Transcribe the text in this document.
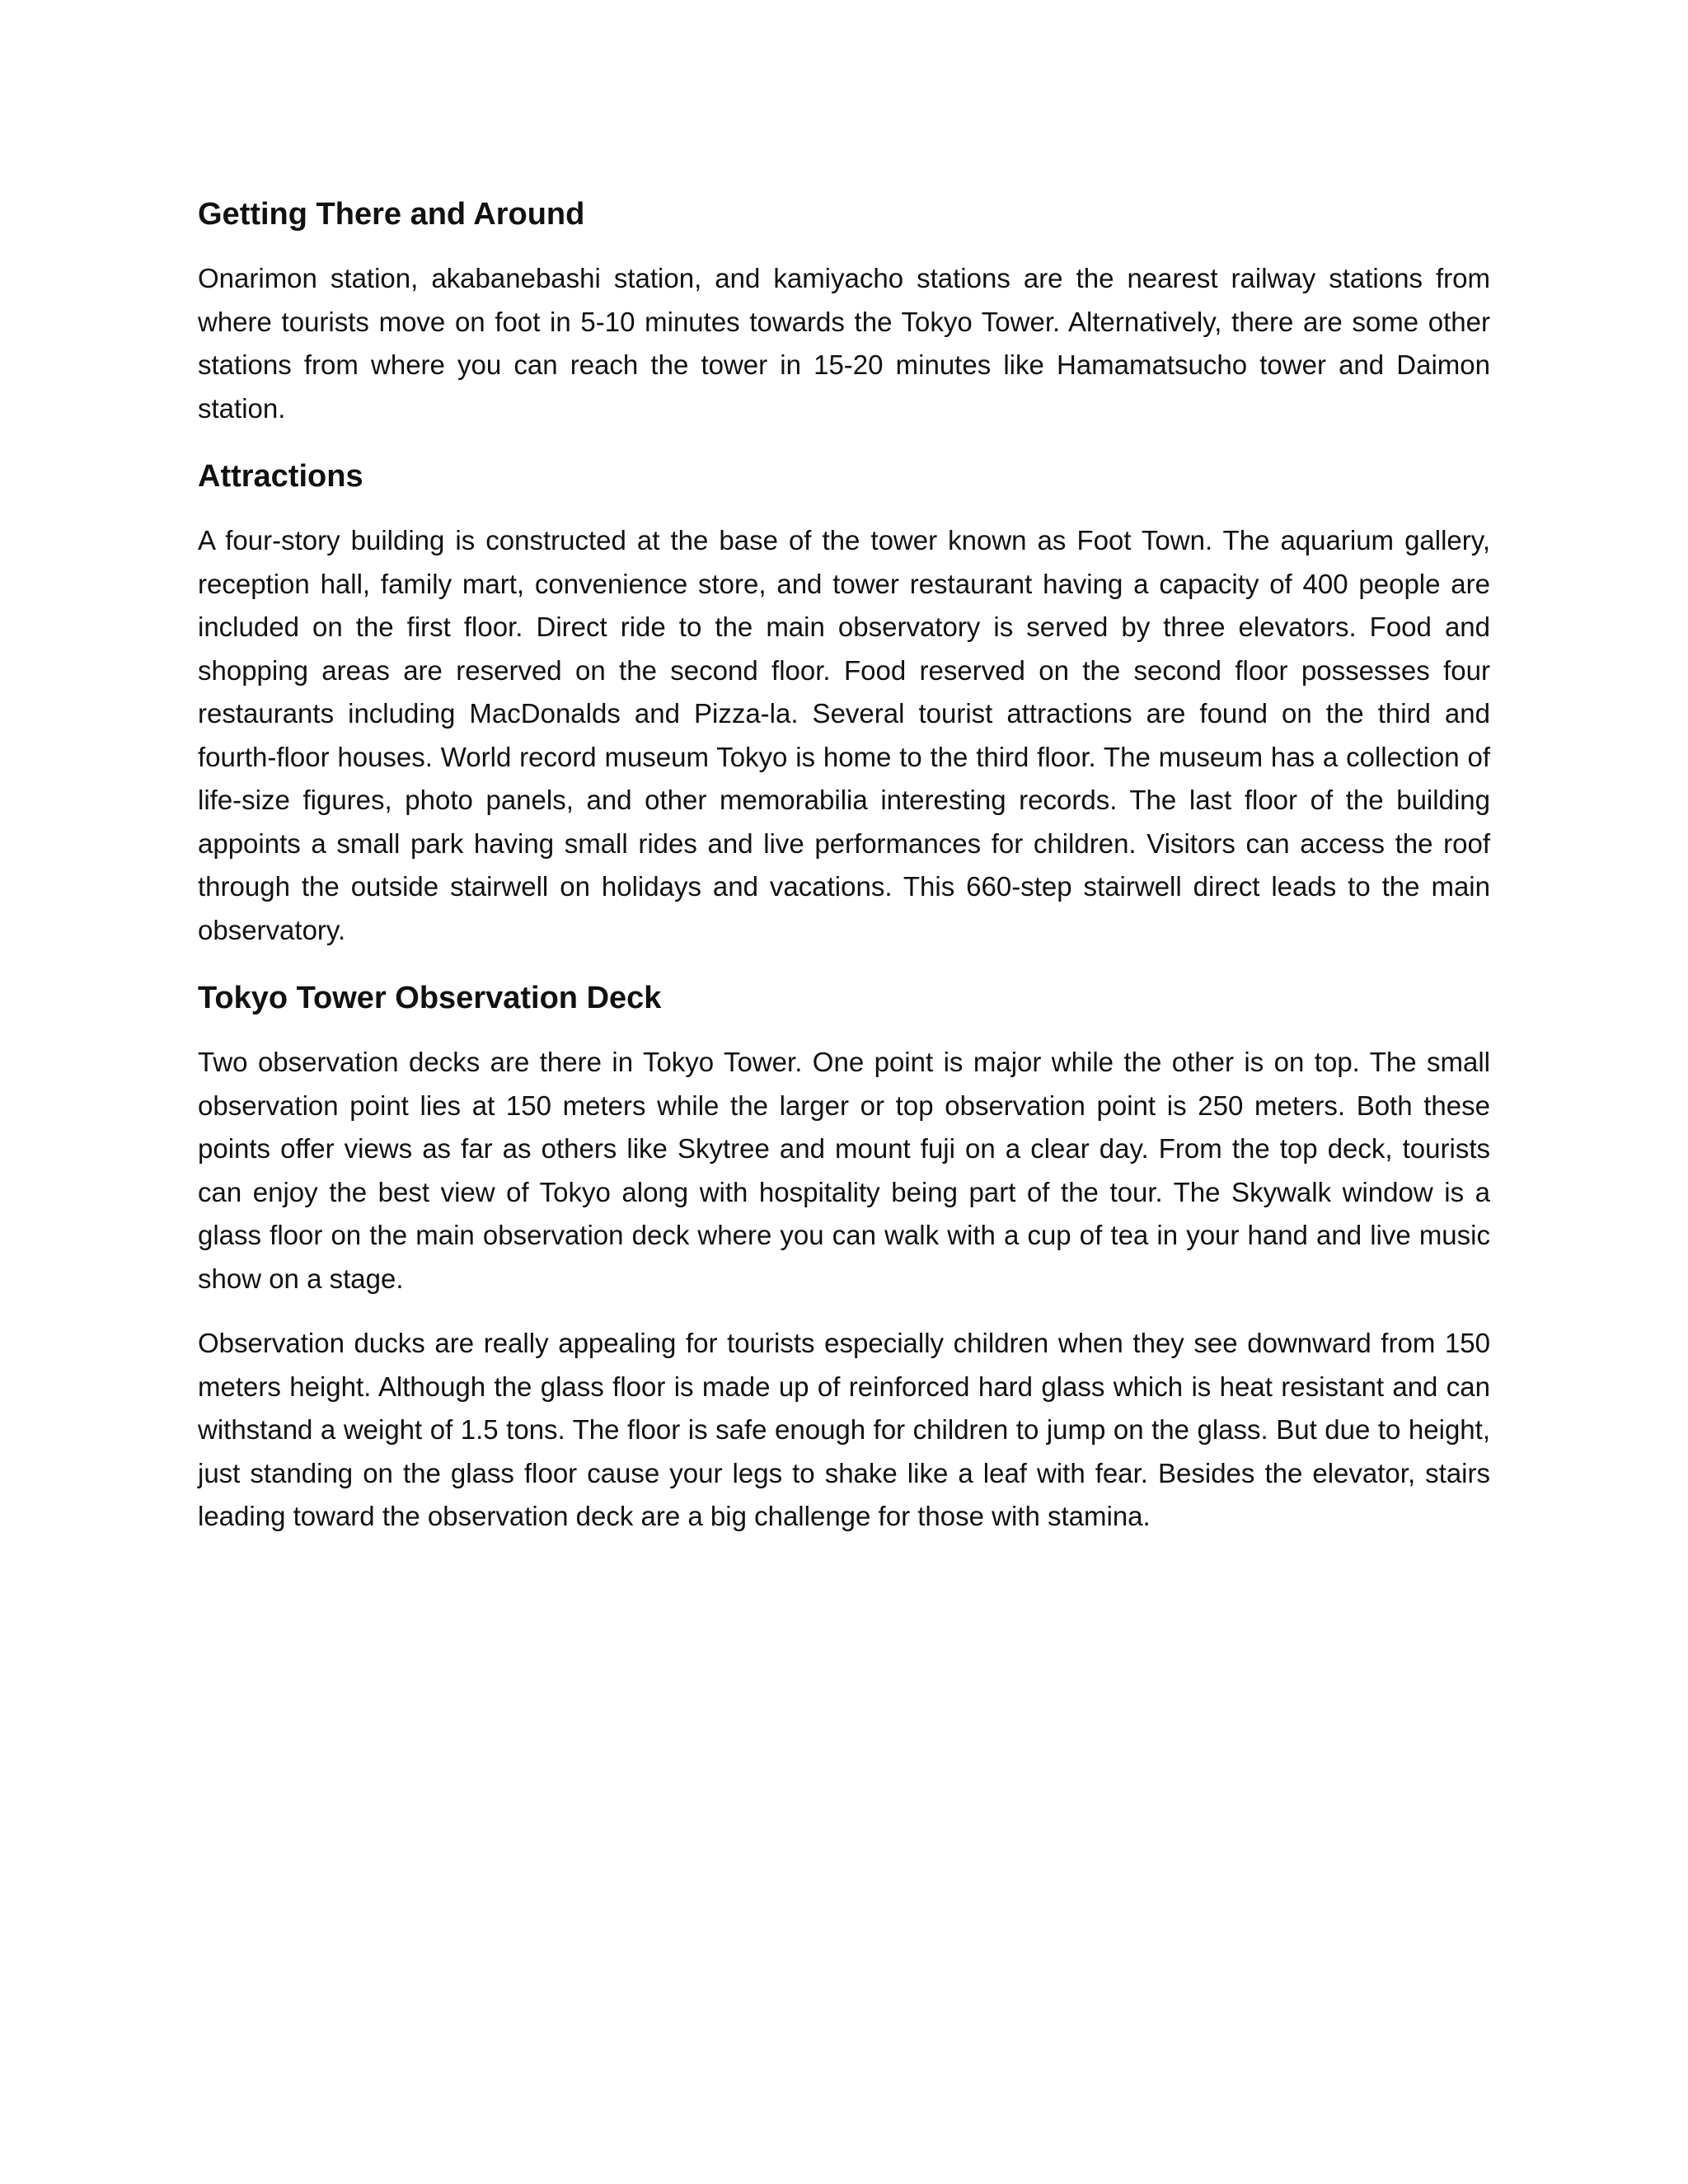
Getting There and Around

Onarimon station, akabanebashi station, and kamiyacho stations are the nearest railway stations from where tourists move on foot in 5-10 minutes towards the Tokyo Tower. Alternatively, there are some other stations from where you can reach the tower in 15-20 minutes like Hamamatsucho tower and Daimon station.

Attractions

A four-story building is constructed at the base of the tower known as Foot Town. The aquarium gallery, reception hall, family mart, convenience store, and tower restaurant having a capacity of 400 people are included on the first floor. Direct ride to the main observatory is served by three elevators. Food and shopping areas are reserved on the second floor. Food reserved on the second floor possesses four restaurants including MacDonalds and Pizza-la. Several tourist attractions are found on the third and fourth-floor houses. World record museum Tokyo is home to the third floor. The museum has a collection of life-size figures, photo panels, and other memorabilia interesting records. The last floor of the building appoints a small park having small rides and live performances for children. Visitors can access the roof through the outside stairwell on holidays and vacations. This 660-step stairwell direct leads to the main observatory.

Tokyo Tower Observation Deck

Two observation decks are there in Tokyo Tower. One point is major while the other is on top. The small observation point lies at 150 meters while the larger or top observation point is 250 meters. Both these points offer views as far as others like Skytree and mount fuji on a clear day. From the top deck, tourists can enjoy the best view of Tokyo along with hospitality being part of the tour. The Skywalk window is a glass floor on the main observation deck where you can walk with a cup of tea in your hand and live music show on a stage.

Observation ducks are really appealing for tourists especially children when they see downward from 150 meters height. Although the glass floor is made up of reinforced hard glass which is heat resistant and can withstand a weight of 1.5 tons. The floor is safe enough for children to jump on the glass. But due to height, just standing on the glass floor cause your legs to shake like a leaf with fear. Besides the elevator, stairs leading toward the observation deck are a big challenge for those with stamina.
